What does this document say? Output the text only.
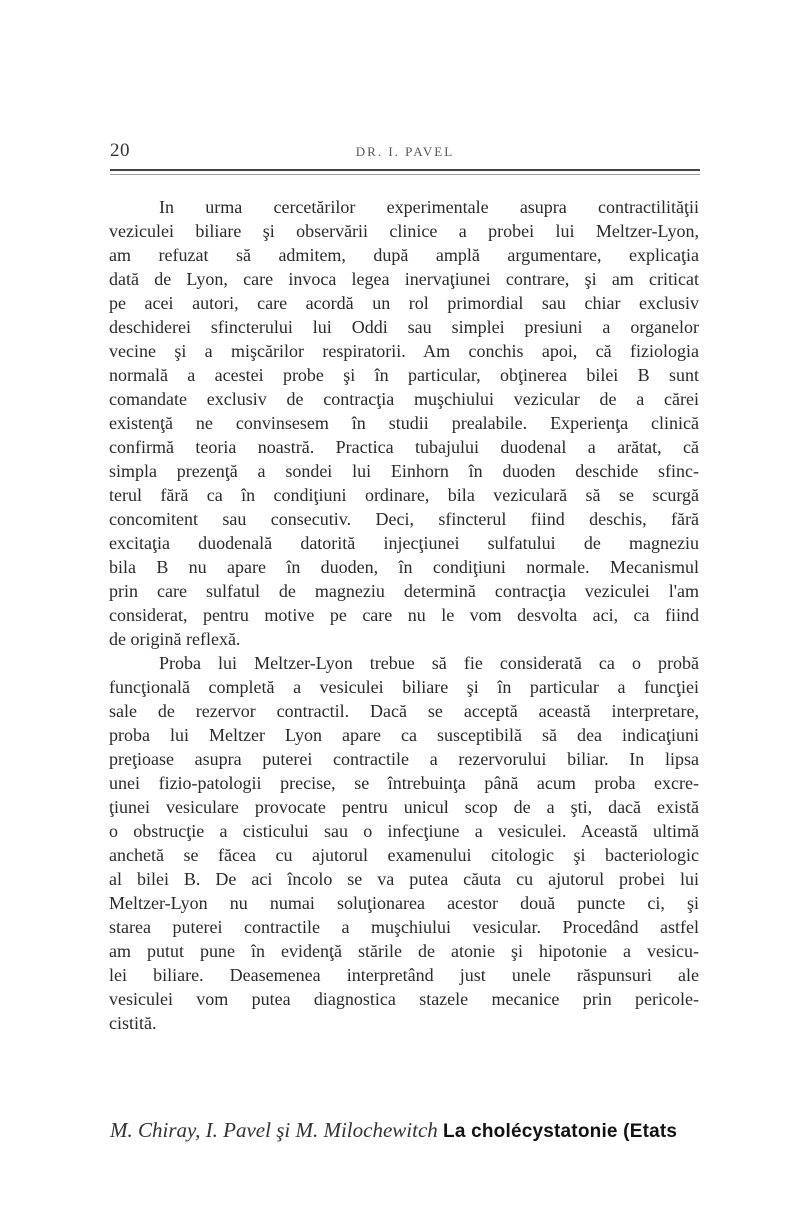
20	DR. I. PAVEL
In urma cercetărilor experimentale asupra contractilităţii
veziculei biliare şi observării clinice a probei lui Meltzer-Lyon,
am refuzat să admitem, după amplă argumentare, explicaţia
dată de Lyon, care invoca legea inervaţiunei contrare, şi am criticat
pe acei autori, care acordă un rol primordial sau chiar exclusiv
deschiderei sfincterului lui Oddi sau simplei presiuni a organelor
vecine şi a mişcărilor respiratorii. Am conchis apoi, că fiziologia
normală a acestei probe şi în particular, obţinerea bilei B sunt
comandate exclusiv de contracţia muşchiului vezicular de a cărei
existenţă ne convinsesem în studii prealabile. Experienţa clinică
confirmă teoria noastră. Practica tubajului duodenal a arătat, că
simpla prezenţă a sondei lui Einhorn în duoden deschide sfinc-
terul fără ca în condiţiuni ordinare, bila veziculară să se scurgă
concomitent sau consecutiv. Deci, sfincterul fiind deschis, fără
excitaţia duodenală datorită injecţiunei sulfatului de magneziu
bila B nu apare în duoden, în condiţiuni normale. Mecanismul
prin care sulfatul de magneziu determină contracţia veziculei l'am
considerat, pentru motive pe care nu le vom desvolta aci, ca fiind
de origină reflexă.
Proba lui Meltzer-Lyon trebue să fie considerată ca o probă
funcţională completă a vesiculei biliare şi în particular a funcţiei
sale de rezervor contractil. Dacă se acceptă această interpretare,
proba lui Meltzer Lyon apare ca susceptibilă să dea indicaţiuni
preţioase asupra puterei contractile a rezervorului biliar. In lipsa
unei fizio-patologii precise, se întrebuinţa până acum proba excre-
ţiunei vesiculare provocate pentru unicul scop de a şti, dacă există
o obstrucţie a cisticului sau o infecţiune a vesiculei. Această ultimă
anchetă se făcea cu ajutorul examenului citologic şi bacteriologic
al bilei B. De aci încolo se va putea căuta cu ajutorul probei lui
Meltzer-Lyon nu numai soluţionarea acestor două puncte ci, şi
starea puterei contractile a muşchiului vesicular. Procedând astfel
am putut pune în evidenţă stările de atonie şi hipotonie a vesicu-
lei biliare. Deasemenea interpretând just unele răspunsuri ale
vesiculei vom putea diagnostica stazele mecanice prin pericole-
cistită.
M. Chiray, I. Pavel şi M. Milochewitch La cholécystatonie (Etats
